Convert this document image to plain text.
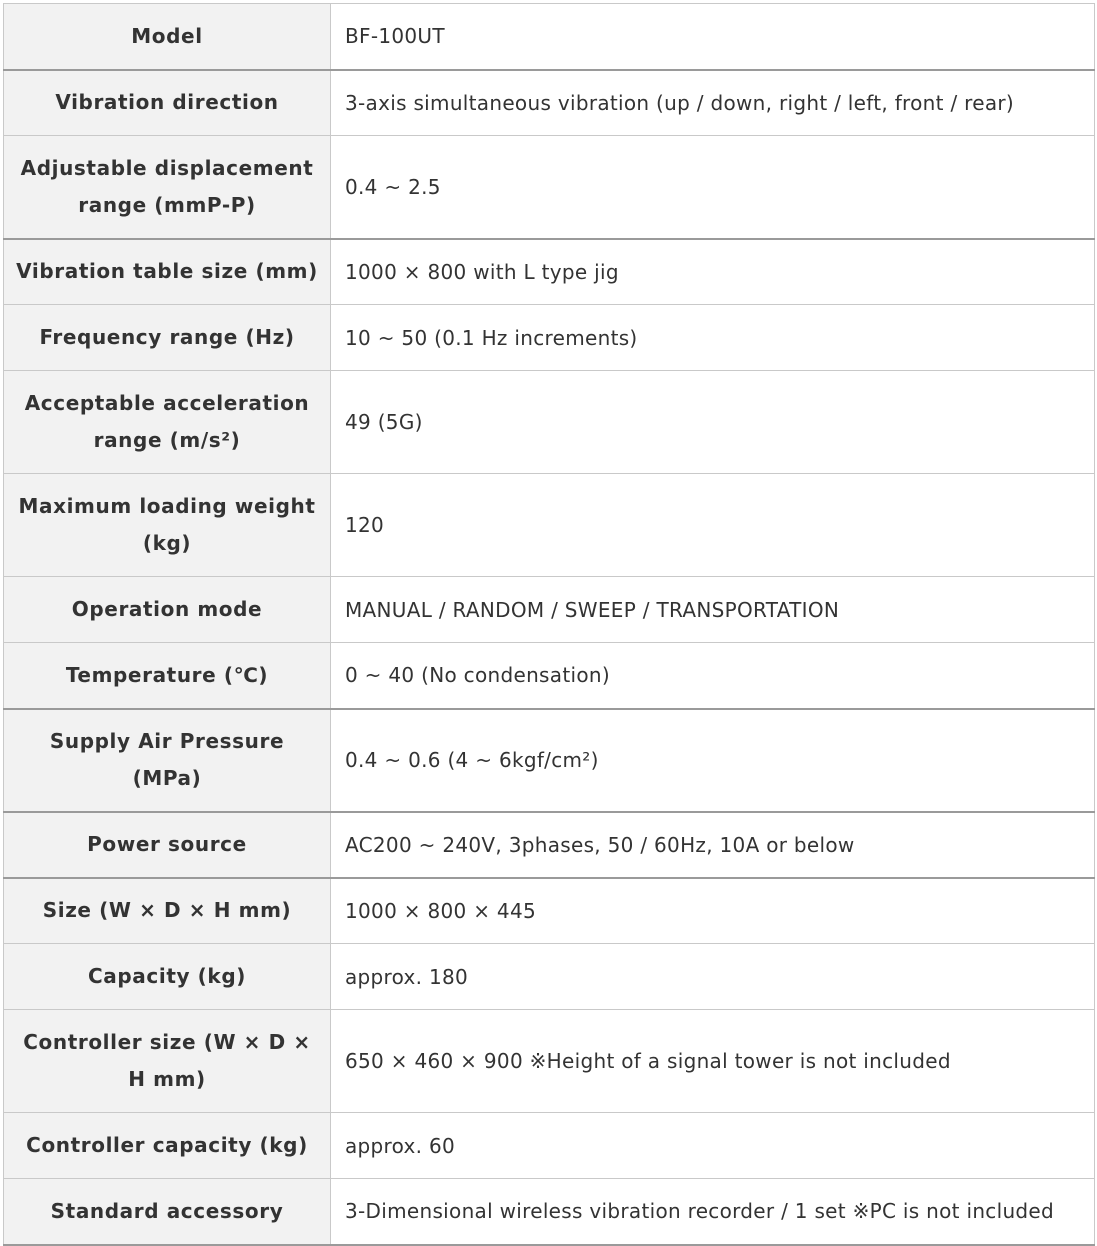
Model	BF-100UT
Vibration direction	3-axis simultaneous vibration (up / down, right / left, front / rear)
Adjustable displacement range (mmP-P)	0.4 ~ 2.5
Vibration table size (mm)	1000 × 800 with L type jig
Frequency range (Hz)	10 ~ 50 (0.1 Hz increments)
Acceptable acceleration range (m/s²)	49 (5G)
Maximum loading weight (kg)	120
Operation mode	MANUAL / RANDOM / SWEEP / TRANSPORTATION
Temperature (℃)	0 ~ 40 (No condensation)
Supply Air Pressure (MPa)	0.4 ~ 0.6 (4 ~ 6kgf/cm²)
Power source	AC200 ~ 240V, 3phases, 50 / 60Hz, 10A or below
Size (W × D × H mm)	1000 × 800 × 445
Capacity (kg)	approx. 180
Controller size (W × D × H mm)	650 × 460 × 900 ※Height of a signal tower is not included
Controller capacity (kg)	approx. 60
Standard accessory	3-Dimensional wireless vibration recorder / 1 set ※PC is not included
